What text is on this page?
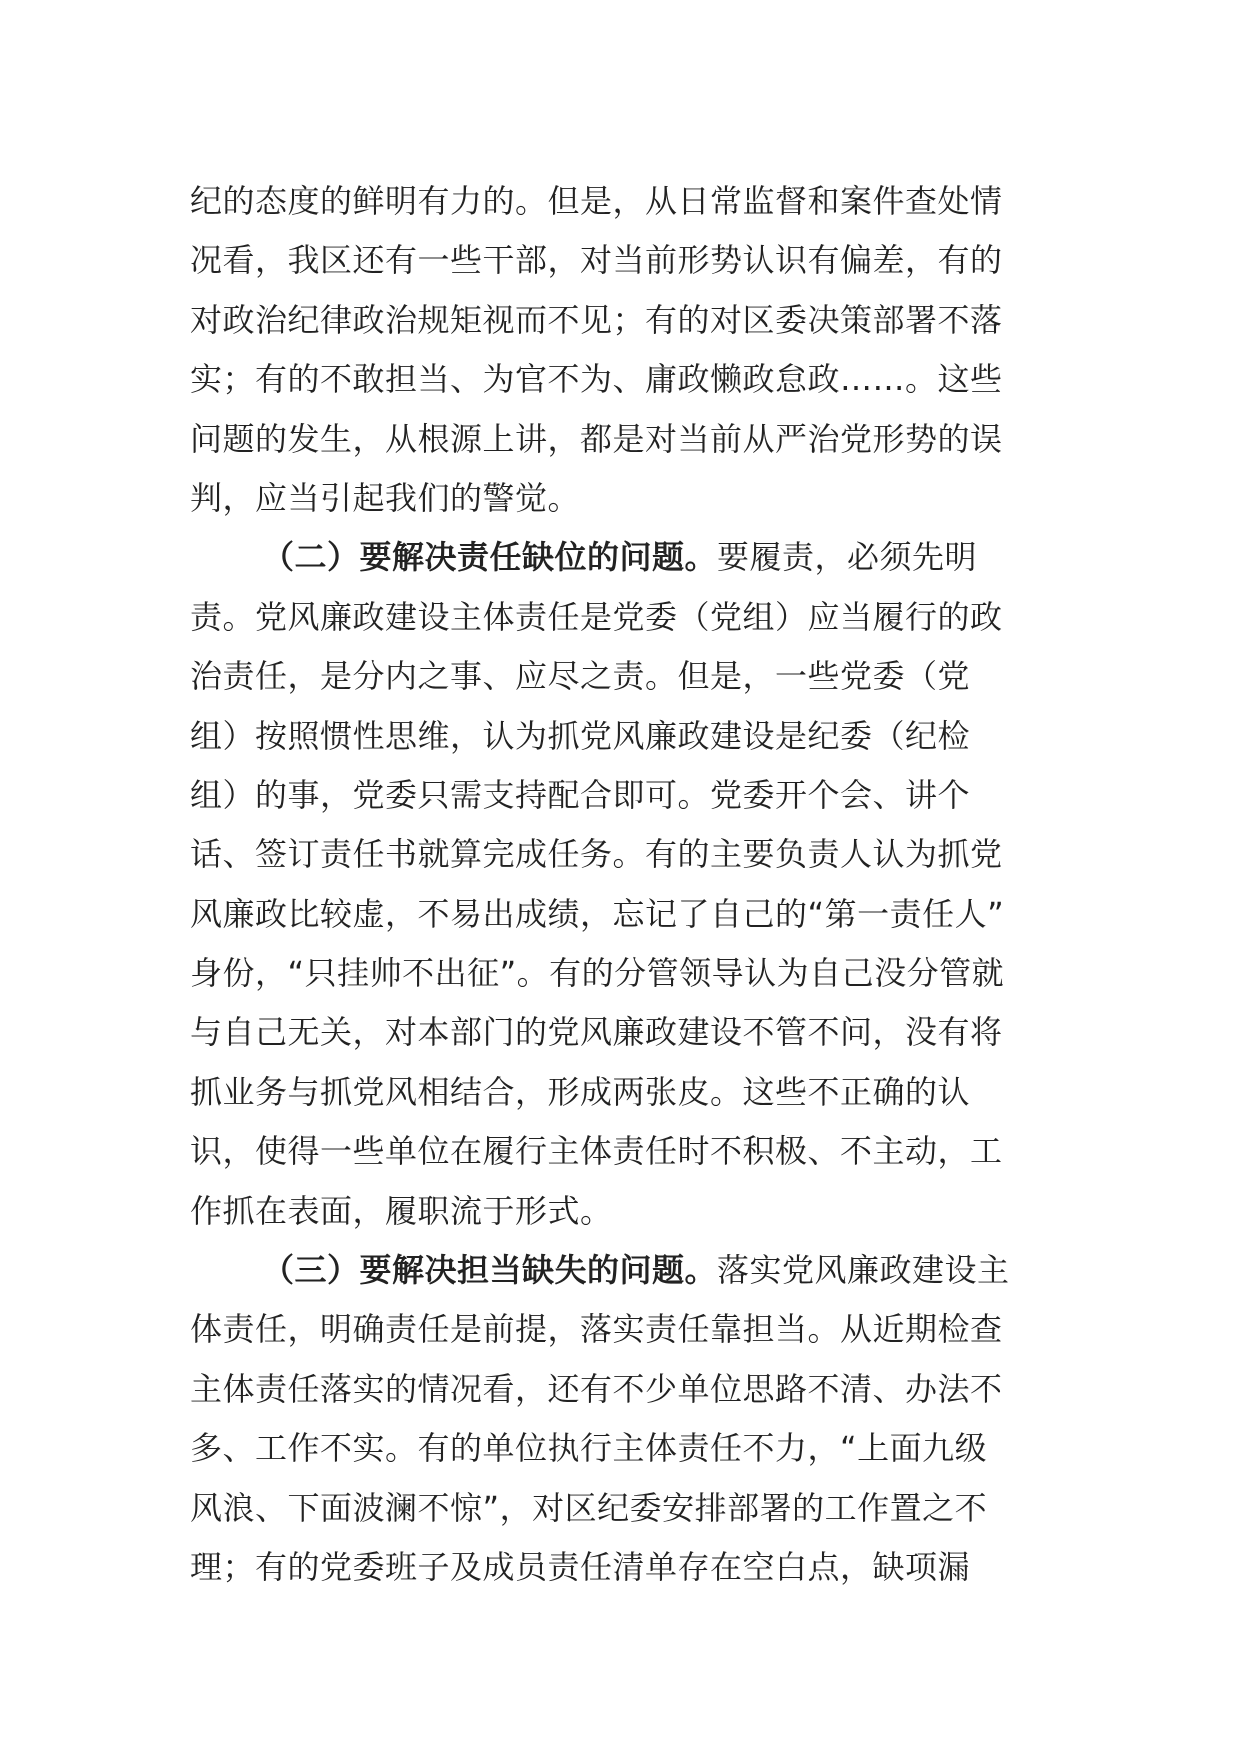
纪的态度的鲜明有力的。但是，从日常监督和案件查处情
况看，我区还有一些干部，对当前形势认识有偏差，有的
对政治纪律政治规矩视而不见；有的对区委决策部署不落
实；有的不敢担当、为官不为、庸政懒政怠政……。这些
问题的发生，从根源上讲，都是对当前从严治党形势的误
判，应当引起我们的警觉。
（二）要解决责任缺位的问题。要履责，必须先明
责。党风廉政建设主体责任是党委（党组）应当履行的政
治责任，是分内之事、应尽之责。但是，一些党委（党
组）按照惯性思维，认为抓党风廉政建设是纪委（纪检
组）的事，党委只需支持配合即可。党委开个会、讲个
话、签订责任书就算完成任务。有的主要负责人认为抓党
风廉政比较虚，不易出成绩，忘记了自己的“第一责任人”
身份，“只挂帅不出征”。有的分管领导认为自己没分管就
与自己无关，对本部门的党风廉政建设不管不问，没有将
抓业务与抓党风相结合，形成两张皮。这些不正确的认
识，使得一些单位在履行主体责任时不积极、不主动，工
作抓在表面，履职流于形式。
（三）要解决担当缺失的问题。落实党风廉政建设主
体责任，明确责任是前提，落实责任靠担当。从近期检查
主体责任落实的情况看，还有不少单位思路不清、办法不
多、工作不实。有的单位执行主体责任不力，“上面九级
风浪、下面波澜不惊”，对区纪委安排部署的工作置之不
理；有的党委班子及成员责任清单存在空白点，缺项漏
